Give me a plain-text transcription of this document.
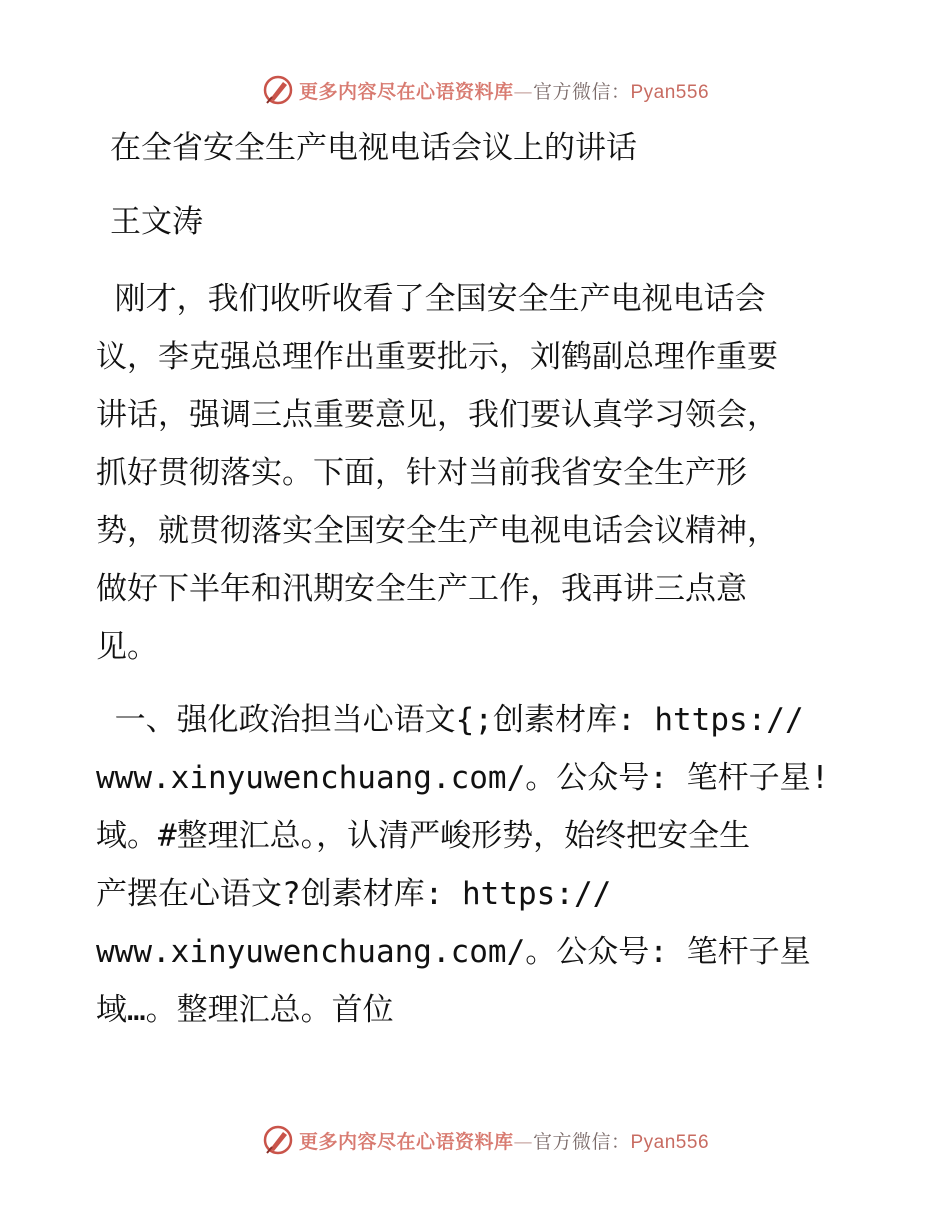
更多内容尽在心语资料库—官方微信：Pyan556
在全省安全生产电视电话会议上的讲话
王文涛

刚才，我们收听收看了全国安全生产电视电话会
议，李克强总理作出重要批示，刘鹤副总理作重要
讲话，强调三点重要意见，我们要认真学习领会，
抓好贯彻落实。下面，针对当前我省安全生产形
势，就贯彻落实全国安全生产电视电话会议精神，
做好下半年和汛期安全生产工作，我再讲三点意
见。

一、强化政治担当心语文{;创素材库: https://
www.xinyuwenchuang.com/。公众号: 笔杆子星!
域。#整理汇总。，认清严峻形势，始终把安全生
产摆在心语文?创素材库: https://
www.xinyuwenchuang.com/。公众号: 笔杆子星
域…。整理汇总。首位

更多内容尽在心语资料库—官方微信：Pyan556
